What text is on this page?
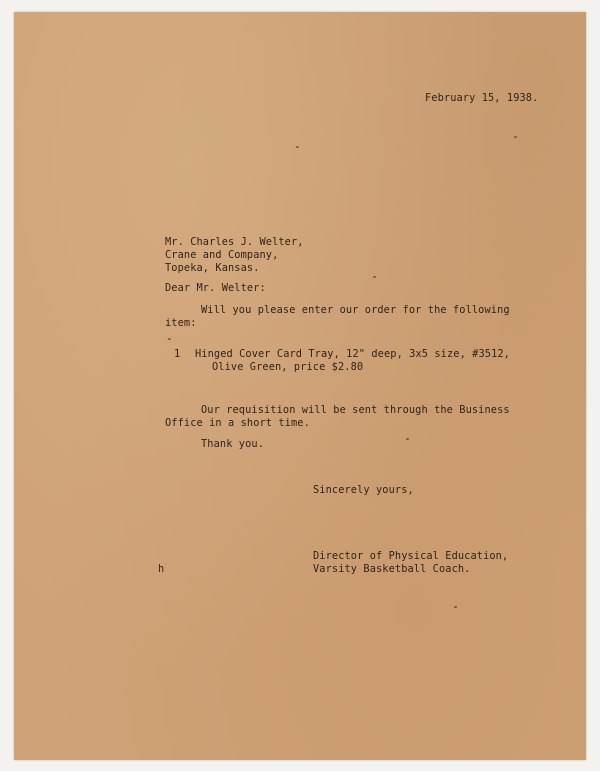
February 15, 1938.
Mr. Charles J. Welter,
Crane and Company,
Topeka, Kansas.
Dear Mr. Welter:
Will you please enter our order for the following
item:
1 Hinged Cover Card Tray, 12" deep, 3x5 size, #3512,
Olive Green, price $2.80
Our requisition will be sent through the Business
Office in a short time.
Thank you.
Sincerely yours,
Director of Physical Education,
Varsity Basketball Coach.
h
